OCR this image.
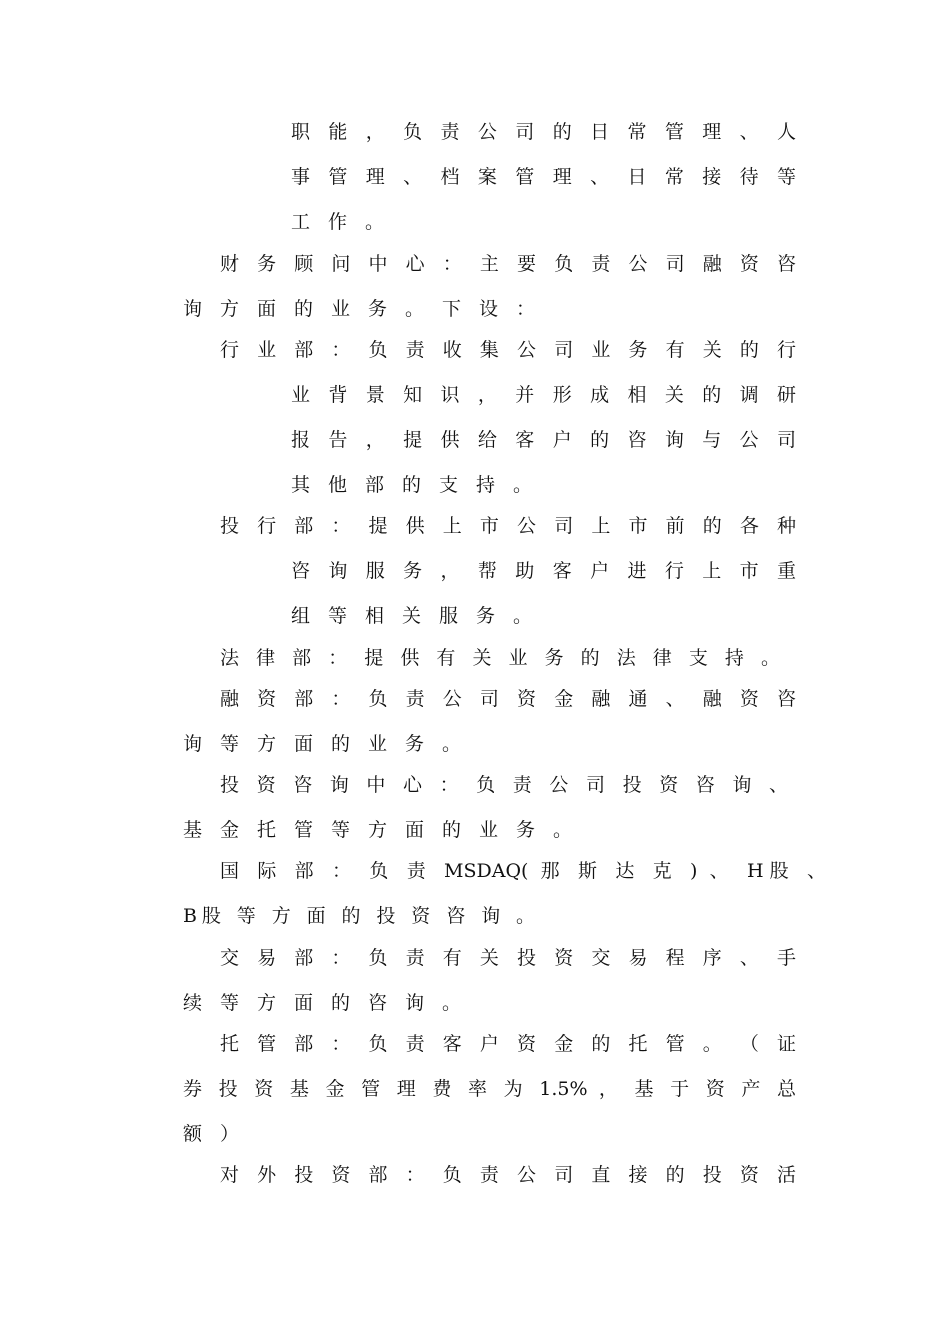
职 能 ， 负 责 公 司 的 日 常 管 理 、 人
事 管 理 、 档 案 管 理 、 日 常 接 待 等
工作。
财 务 顾 问 中 心 ： 主 要 负 责 公 司 融 资 咨
询方面的业务。下设：
行 业 部 ： 负 责 收 集 公 司 业 务 有 关 的 行
业 背 景 知 识 ， 并 形 成 相 关 的 调 研
报 告 ， 提 供 给 客 户 的 咨 询 与 公 司
其他部的支持。
投 行 部 ： 提 供 上 市 公 司 上 市 前 的 各 种
咨 询 服 务 ， 帮 助 客 户 进 行 上 市 重
组等相关服务。
法 律 部 ： 提 供 有 关 业 务 的 法 律 支 持 。
融 资 部 ： 负 责 公 司 资 金 融 通 、 融 资 咨
询等方面的业务。
投 资 咨 询 中 心 ： 负 责 公 司 投 资 咨 询 、
基金托管等方面的业务。
国 际 部 ： 负 责 MSDAQ( 那 斯 达 克 ) 、 H股 、
B股 等 方 面 的 投 资 咨 询 。
交 易 部 ： 负 责 有 关 投 资 交 易 程 序 、 手
续等方面的咨询。
托 管 部 ： 负 责 客 户 资 金 的 托 管 。 （ 证
券 投 资 基 金 管 理 费 率 为 1.5% ， 基 于 资 产 总
额）
对 外 投 资 部 ： 负 责 公 司 直 接 的 投 资 活
